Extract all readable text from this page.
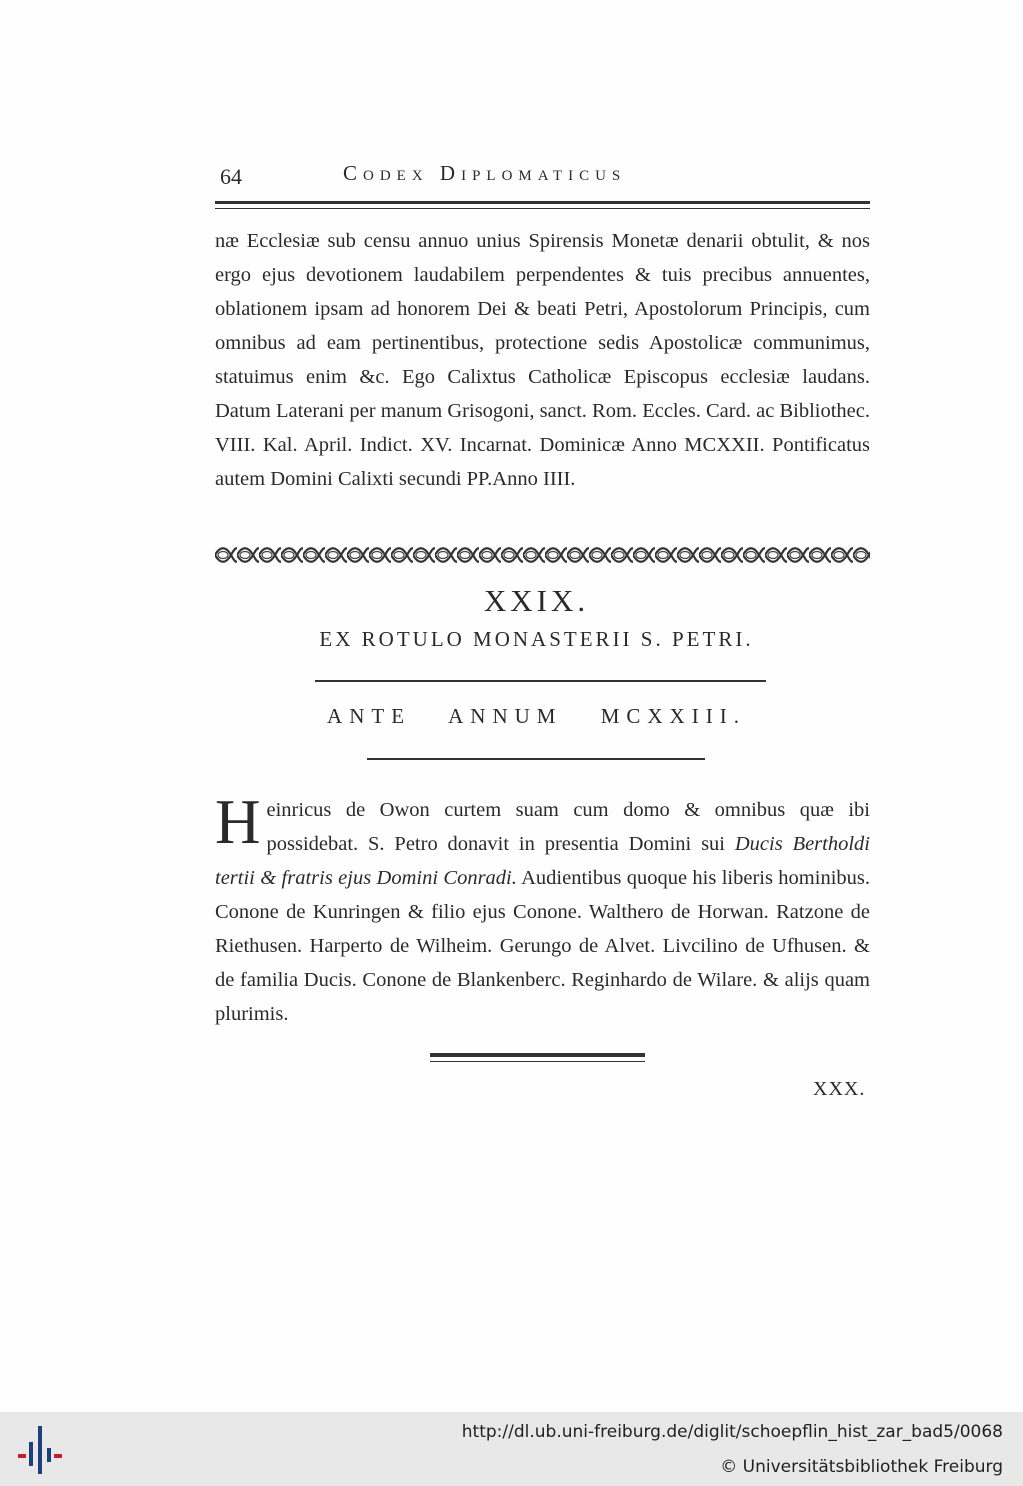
64	Codex Diplomaticus

næ Ecclesiæ sub censu annuo unius Spirensis Monetæ denarii obtulit, & nos ergo ejus devotionem laudabilem perpendentes & tuis precibus annuentes, oblationem ipsam ad honorem Dei & beati Petri, Apostolorum Principis, cum omnibus ad eam pertinentibus, protectione sedis Apostolicæ communimus, statuimus enim &c. Ego Calixtus Catholicæ Episcopus ecclesiæ laudans. Datum Laterani per manum Grisogoni, sanct. Rom. Eccles. Card. ac Bibliothec. VIII. Kal. April. Indict. XV. Incarnat. Dominicæ Anno MCXXII. Pontificatus autem Domini Calixti secundi PP.Anno IIII.

XXIX.
EX ROTULO MONASTERII S. PETRI.
ANTE ANNUM MCXXIII.

Heinricus de Owon curtem suam cum domo & omnibus quæ ibi possidebat. S. Petro donavit in presentia Domini sui Ducis Bertholdi tertii & fratris ejus Domini Conradi. Audientibus quoque his liberis hominibus. Conone de Kunringen & filio ejus Conone. Walthero de Horwan. Ratzone de Riethusen. Harperto de Wilheim. Gerungo de Alvet. Livcilino de Ufhusen. & de familia Ducis. Conone de Blankenberc. Reginhardo de Wilare. & alijs quam plurimis.

XXX.
http://dl.ub.uni-freiburg.de/diglit/schoepflin_hist_zar_bad5/0068
© Universitätsbibliothek Freiburg
